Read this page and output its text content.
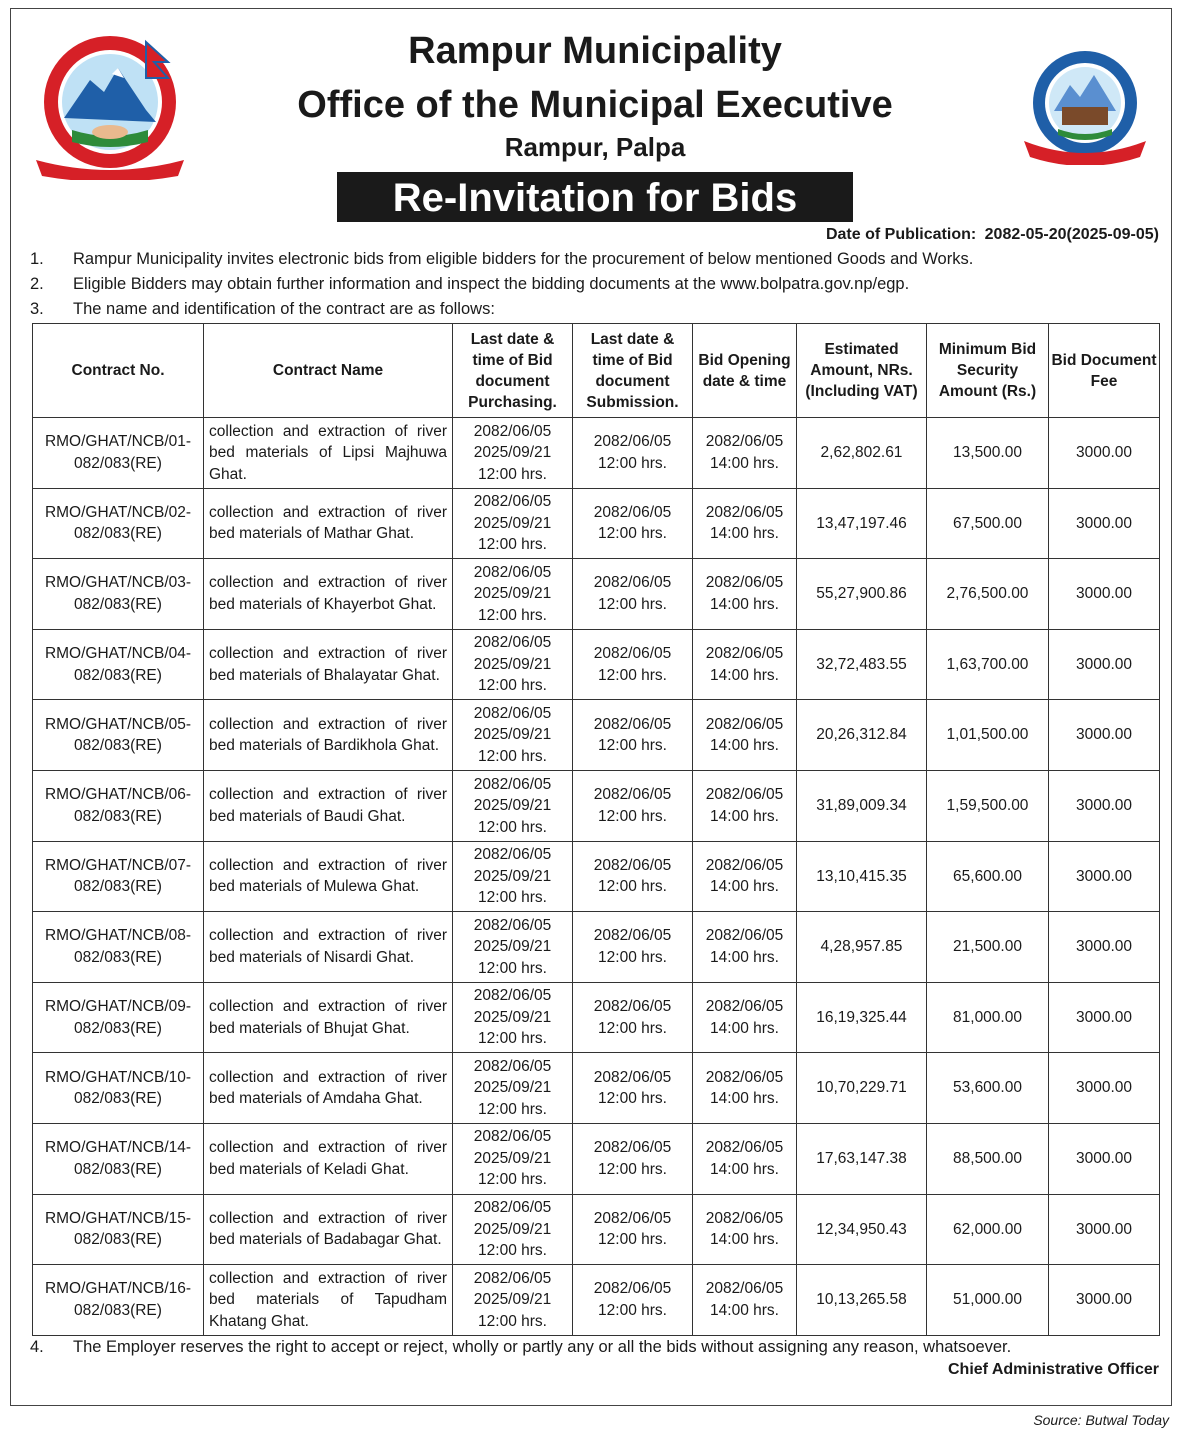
Rampur Municipality
Office of the Municipal Executive
Rampur, Palpa
Re-Invitation for Bids
Date of Publication: 2082-05-20(2025-09-05)
1. Rampur Municipality invites electronic bids from eligible bidders for the procurement of below mentioned Goods and Works.
2. Eligible Bidders may obtain further information and inspect the bidding documents at the www.bolpatra.gov.np/egp.
3. The name and identification of the contract are as follows:
Contract No.	Contract Name	Last date & time of Bid document Purchasing.	Last date & time of Bid document Submission.	Bid Opening date & time	Estimated Amount, NRs. (Including VAT)	Minimum Bid Security Amount (Rs.)	Bid Document Fee
RMO/GHAT/NCB/01-082/083(RE)	collection and extraction of river bed materials of Lipsi Majhuwa Ghat.	2082/06/05 2025/09/21 12:00 hrs.	2082/06/05 12:00 hrs.	2082/06/05 14:00 hrs.	2,62,802.61	13,500.00	3000.00
RMO/GHAT/NCB/02-082/083(RE)	collection and extraction of river bed materials of Mathar Ghat.	2082/06/05 2025/09/21 12:00 hrs.	2082/06/05 12:00 hrs.	2082/06/05 14:00 hrs.	13,47,197.46	67,500.00	3000.00
RMO/GHAT/NCB/03-082/083(RE)	collection and extraction of river bed materials of Khayerbot Ghat.	2082/06/05 2025/09/21 12:00 hrs.	2082/06/05 12:00 hrs.	2082/06/05 14:00 hrs.	55,27,900.86	2,76,500.00	3000.00
RMO/GHAT/NCB/04-082/083(RE)	collection and extraction of river bed materials of Bhalayatar Ghat.	2082/06/05 2025/09/21 12:00 hrs.	2082/06/05 12:00 hrs.	2082/06/05 14:00 hrs.	32,72,483.55	1,63,700.00	3000.00
RMO/GHAT/NCB/05-082/083(RE)	collection and extraction of river bed materials of Bardikhola Ghat.	2082/06/05 2025/09/21 12:00 hrs.	2082/06/05 12:00 hrs.	2082/06/05 14:00 hrs.	20,26,312.84	1,01,500.00	3000.00
RMO/GHAT/NCB/06-082/083(RE)	collection and extraction of river bed materials of Baudi Ghat.	2082/06/05 2025/09/21 12:00 hrs.	2082/06/05 12:00 hrs.	2082/06/05 14:00 hrs.	31,89,009.34	1,59,500.00	3000.00
RMO/GHAT/NCB/07-082/083(RE)	collection and extraction of river bed materials of Mulewa Ghat.	2082/06/05 2025/09/21 12:00 hrs.	2082/06/05 12:00 hrs.	2082/06/05 14:00 hrs.	13,10,415.35	65,600.00	3000.00
RMO/GHAT/NCB/08-082/083(RE)	collection and extraction of river bed materials of Nisardi Ghat.	2082/06/05 2025/09/21 12:00 hrs.	2082/06/05 12:00 hrs.	2082/06/05 14:00 hrs.	4,28,957.85	21,500.00	3000.00
RMO/GHAT/NCB/09-082/083(RE)	collection and extraction of river bed materials of Bhujat Ghat.	2082/06/05 2025/09/21 12:00 hrs.	2082/06/05 12:00 hrs.	2082/06/05 14:00 hrs.	16,19,325.44	81,000.00	3000.00
RMO/GHAT/NCB/10-082/083(RE)	collection and extraction of river bed materials of Amdaha Ghat.	2082/06/05 2025/09/21 12:00 hrs.	2082/06/05 12:00 hrs.	2082/06/05 14:00 hrs.	10,70,229.71	53,600.00	3000.00
RMO/GHAT/NCB/14-082/083(RE)	collection and extraction of river bed materials of Keladi Ghat.	2082/06/05 2025/09/21 12:00 hrs.	2082/06/05 12:00 hrs.	2082/06/05 14:00 hrs.	17,63,147.38	88,500.00	3000.00
RMO/GHAT/NCB/15-082/083(RE)	collection and extraction of river bed materials of Badabagar Ghat.	2082/06/05 2025/09/21 12:00 hrs.	2082/06/05 12:00 hrs.	2082/06/05 14:00 hrs.	12,34,950.43	62,000.00	3000.00
RMO/GHAT/NCB/16-082/083(RE)	collection and extraction of river bed materials of Tapudham Khatang Ghat.	2082/06/05 2025/09/21 12:00 hrs.	2082/06/05 12:00 hrs.	2082/06/05 14:00 hrs.	10,13,265.58	51,000.00	3000.00
4. The Employer reserves the right to accept or reject, wholly or partly any or all the bids without assigning any reason, whatsoever.
Chief Administrative Officer
Source: Butwal Today
